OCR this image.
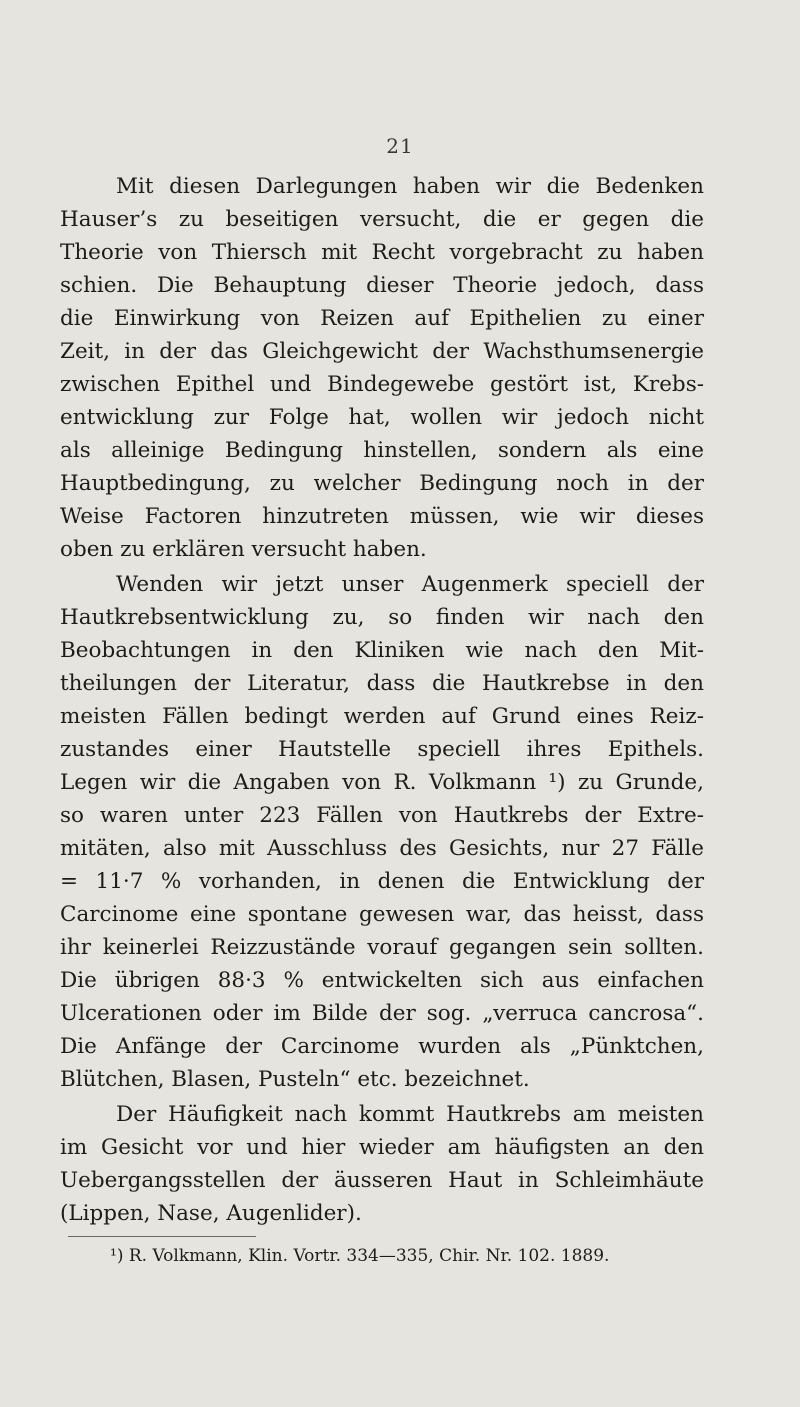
21
Mit diesen Darlegungen haben wir die Bedenken
Hauser’s zu beseitigen versucht, die er gegen die
Theorie von Thiersch mit Recht vorgebracht zu haben
schien. Die Behauptung dieser Theorie jedoch, dass
die Einwirkung von Reizen auf Epithelien zu einer
Zeit, in der das Gleichgewicht der Wachsthumsenergie
zwischen Epithel und Bindegewebe gestört ist, Krebs-
entwicklung zur Folge hat, wollen wir jedoch nicht
als alleinige Bedingung hinstellen, sondern als eine
Hauptbedingung, zu welcher Bedingung noch in der
Weise Factoren hinzutreten müssen, wie wir dieses
oben zu erklären versucht haben.
Wenden wir jetzt unser Augenmerk speciell der
Hautkrebsentwicklung zu, so finden wir nach den
Beobachtungen in den Kliniken wie nach den Mit-
theilungen der Literatur, dass die Hautkrebse in den
meisten Fällen bedingt werden auf Grund eines Reiz-
zustandes einer Hautstelle speciell ihres Epithels.
Legen wir die Angaben von R. Volkmann ¹) zu Grunde,
so waren unter 223 Fällen von Hautkrebs der Extre-
mitäten, also mit Ausschluss des Gesichts, nur 27 Fälle
= 11·7 % vorhanden, in denen die Entwicklung der
Carcinome eine spontane gewesen war, das heisst, dass
ihr keinerlei Reizzustände vorauf gegangen sein sollten.
Die übrigen 88·3 % entwickelten sich aus einfachen
Ulcerationen oder im Bilde der sog. „verruca cancrosa“.
Die Anfänge der Carcinome wurden als „Pünktchen,
Blütchen, Blasen, Pusteln“ etc. bezeichnet.
Der Häufigkeit nach kommt Hautkrebs am meisten
im Gesicht vor und hier wieder am häufigsten an den
Uebergangsstellen der äusseren Haut in Schleimhäute
(Lippen, Nase, Augenlider).
¹) R. Volkmann, Klin. Vortr. 334—335, Chir. Nr. 102. 1889.
